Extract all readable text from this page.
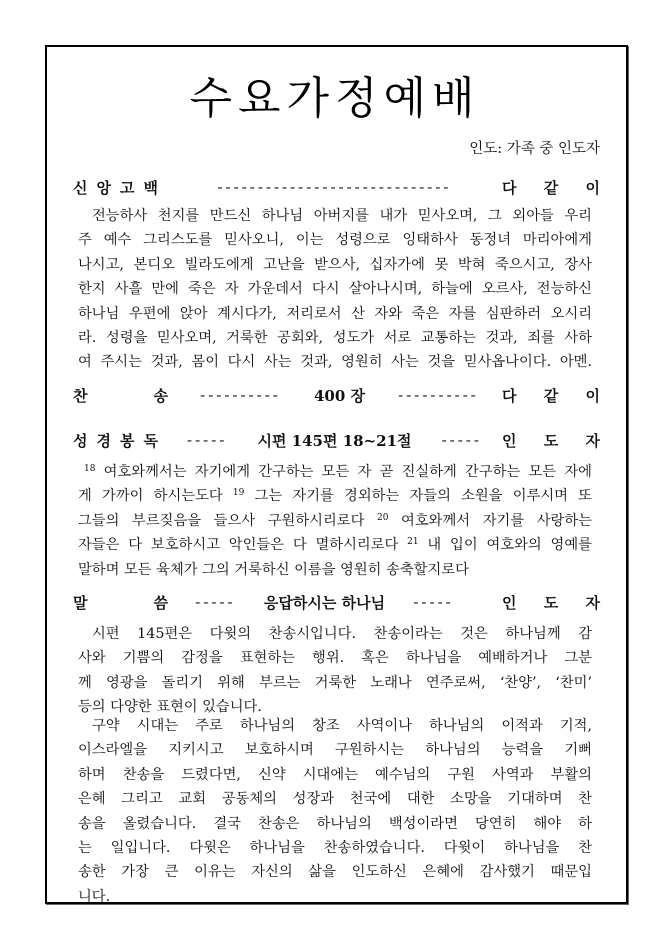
수요가정예배
인도: 가족 중 인도자
신앙고백	-----------------------------	다 같 이
전능하사 천지를 만드신 하나님 아버지를 내가 믿사오며, 그 외아들 우리
주 예수 그리스도를 믿사오니, 이는 성령으로 잉태하사 동정녀 마리아에게
나시고, 본디오 빌라도에게 고난을 받으사, 십자가에 못 박혀 죽으시고, 장사
한지 사흘 만에 죽은 자 가운데서 다시 살아나시며, 하늘에 오르사, 전능하신
하나님 우편에 앉아 계시다가, 저리로서 산 자와 죽은 자를 심판하러 오시리
라. 성령을 믿사오며, 거룩한 공회와, 성도가 서로 교통하는 것과, 죄를 사하
여 주시는 것과, 몸이 다시 사는 것과, 영원히 사는 것을 믿사옵나이다. 아멘.
찬	송	----------	400 장	----------	다 같 이
성경봉독	-----	시편 145편 18~21절	-----	인 도 자
$^{18}$ 여호와께서는 자기에게 간구하는 모든 자 곧 진실하게 간구하는 모든 자에
게 가까이 하시는도다 $^{19}$ 그는 자기를 경외하는 자들의 소원을 이루시며 또
그들의 부르짖음을 들으사 구원하시리로다 $^{20}$ 여호와께서 자기를 사랑하는
자들은 다 보호하시고 악인들은 다 멸하시리로다 $^{21}$ 내 입이 여호와의 영예를
말하며 모든 육체가 그의 거룩하신 이름을 영원히 송축할지로다
말	씀	-----	응답하시는 하나님	-----	인 도 자
시편 145편은 다윗의 찬송시입니다. 찬송이라는 것은 하나님께 감
사와 기쁨의 감정을 표현하는 행위. 혹은 하나님을 예배하거나 그분
께 영광을 돌리기 위해 부르는 거룩한 노래나 연주로써, ‘찬양’, ‘찬미’
등의 다양한 표현이 있습니다.
구약 시대는 주로 하나님의 창조 사역이나 하나님의 이적과 기적,
이스라엘을 지키시고 보호하시며 구원하시는 하나님의 능력을 기뻐
하며 찬송을 드렸다면, 신약 시대에는 예수님의 구원 사역과 부활의
은혜 그리고 교회 공동체의 성장과 천국에 대한 소망을 기대하며 찬
송을 올렸습니다. 결국 찬송은 하나님의 백성이라면 당연히 해야 하
는 일입니다. 다윗은 하나님을 찬송하였습니다. 다윗이 하나님을 찬
송한 가장 큰 이유는 자신의 삶을 인도하신 은혜에 감사했기 때문입
니다.
